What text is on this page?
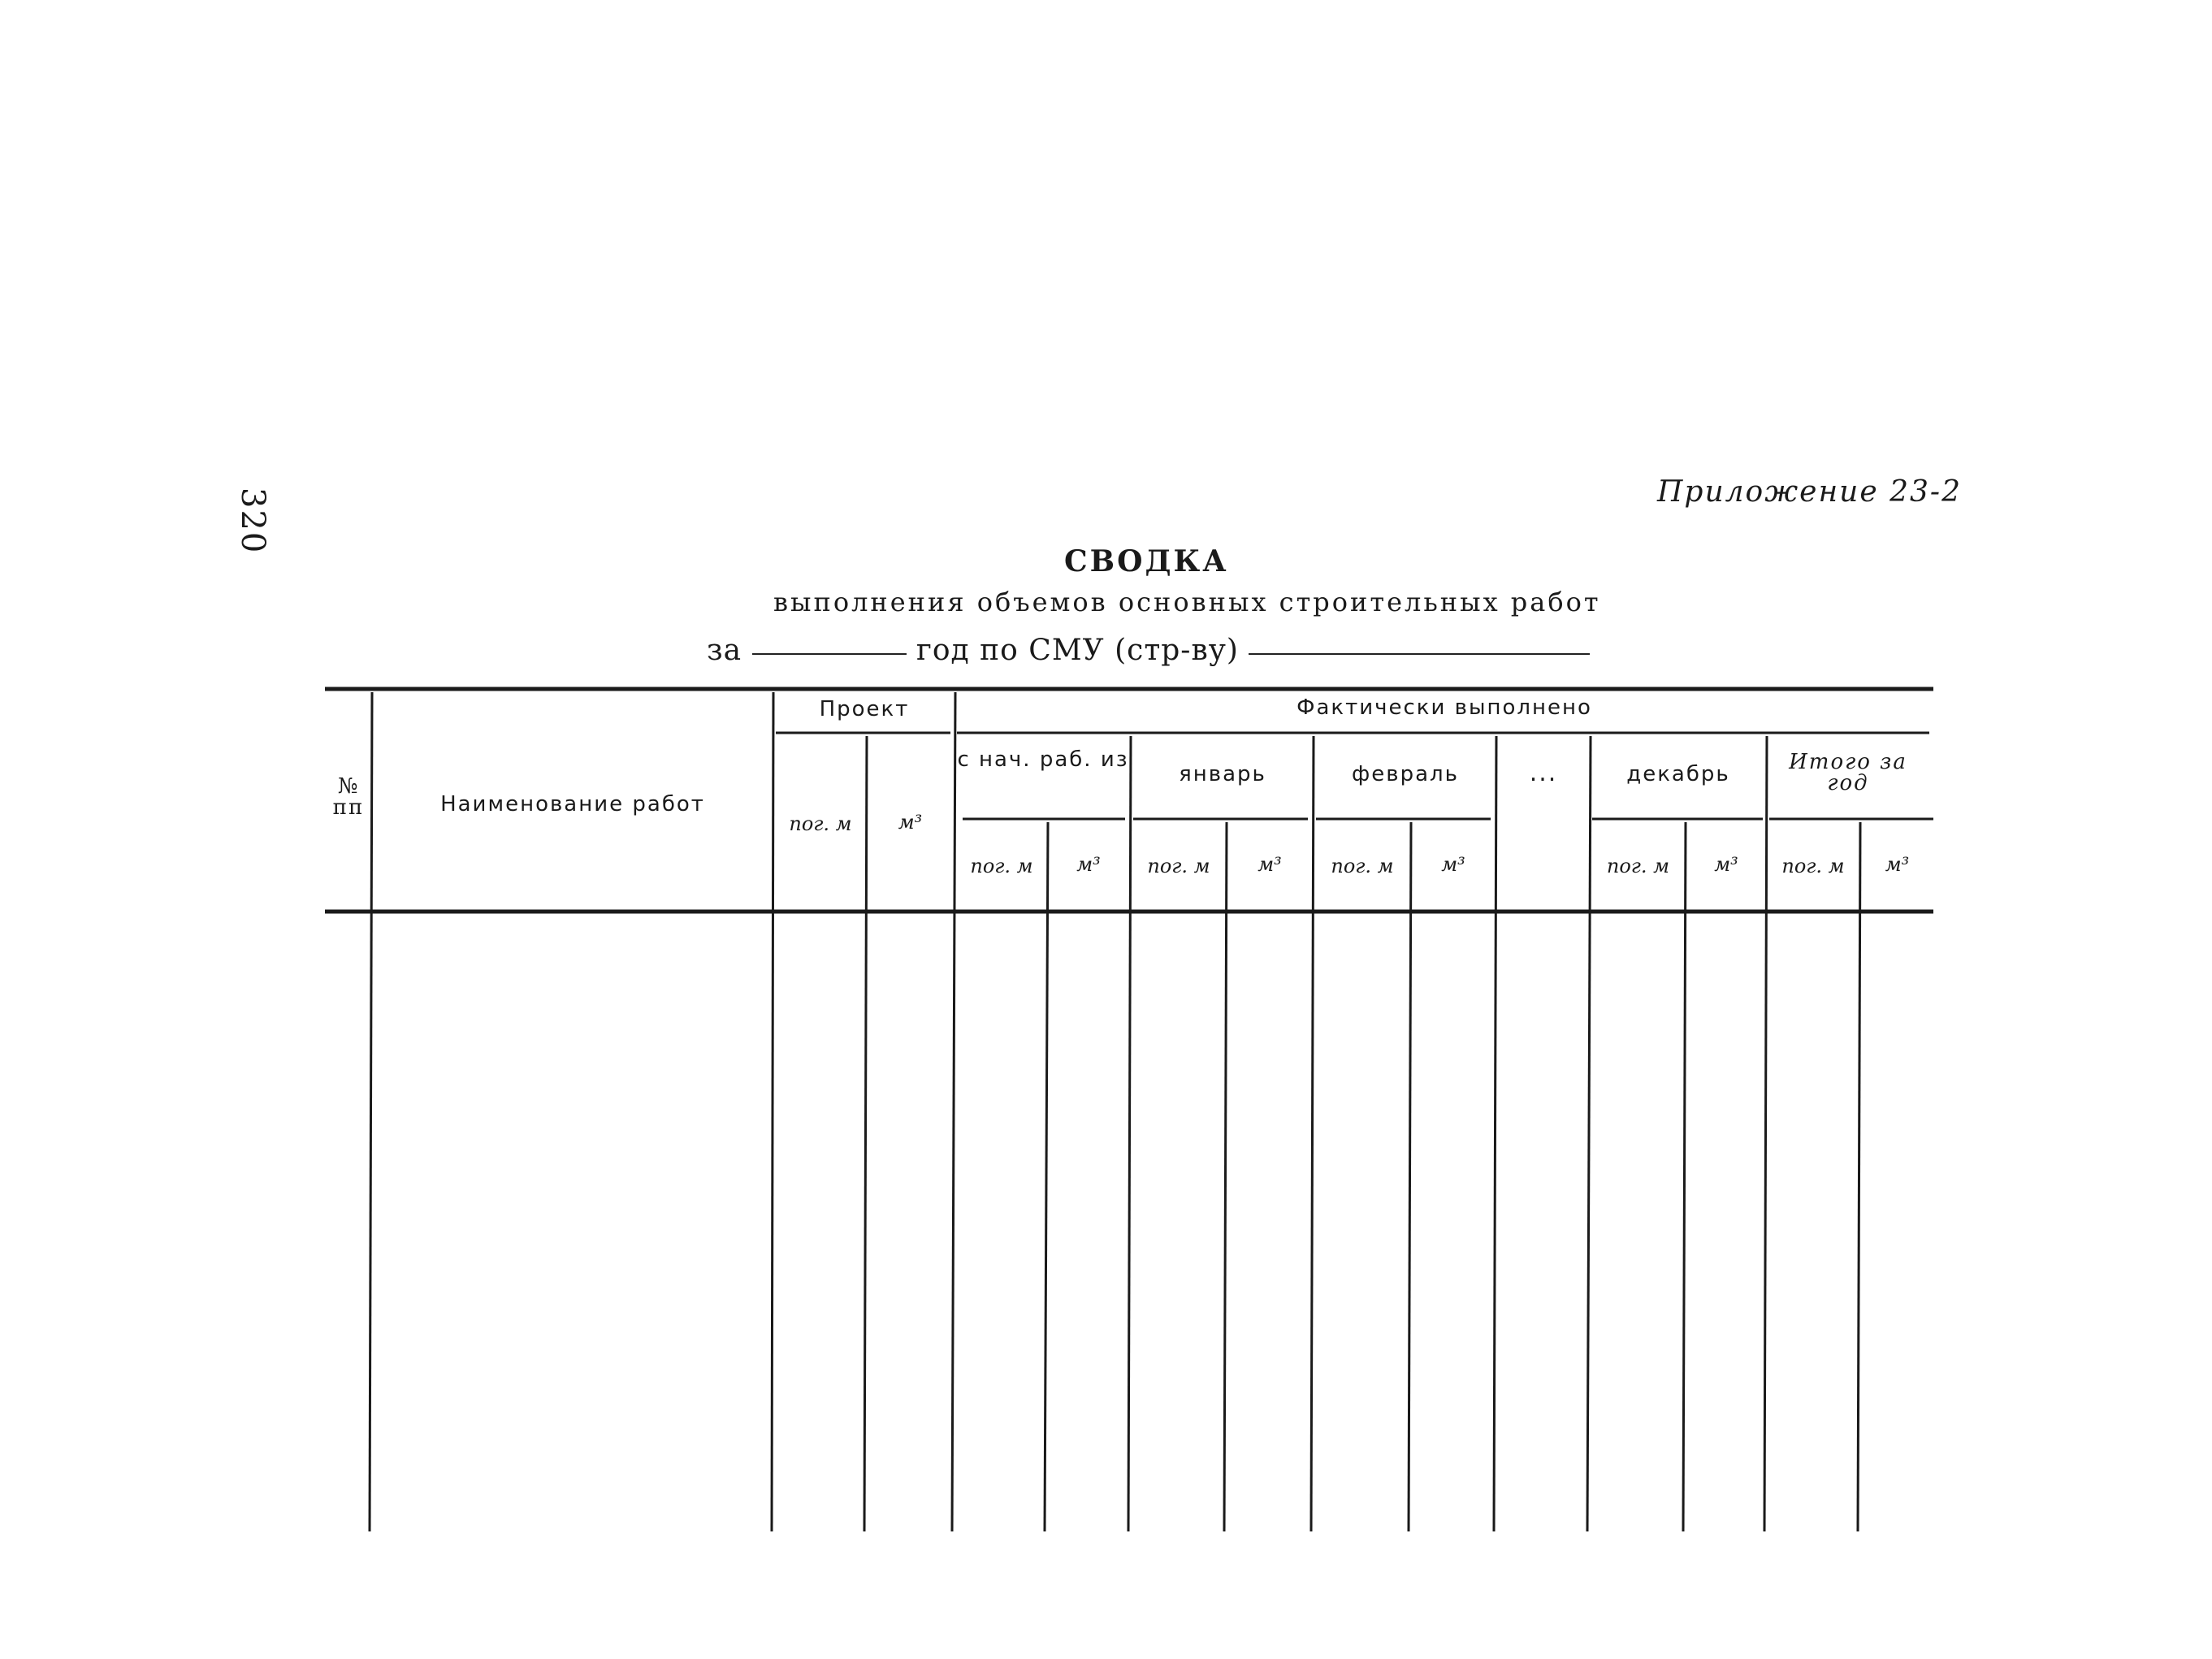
320	Приложение 23-2
СВОДКА
выполнения объемов основных строительных работ
за	год по СМУ (стр-ву)
№ пп	Наименование работ
Проект	Фактически выполнено
с нач. раб. из
январь	февраль	...	декабрь	Итого за год
пог. м	м³
пог. м	м³	пог. м	м³	пог. м	м³	пог. м	м³	пог. м	м³
